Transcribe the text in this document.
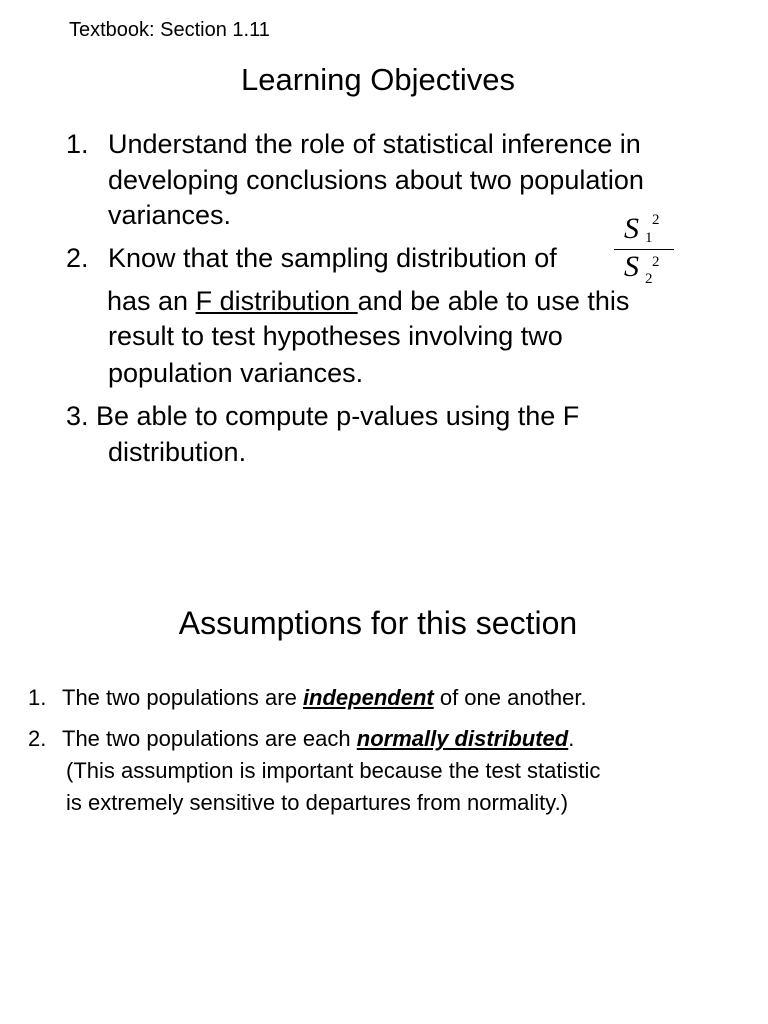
Textbook: Section 1.11
Learning Objectives
1. Understand the role of statistical inference in
developing conclusions about two population
variances.
2. Know that the sampling distribution of
S 2
1
S 2
2
has an F distribution and be able to use this
result to test hypotheses involving two
population variances.
3. Be able to compute p-values using the F
distribution.
Assumptions for this section
1. The two populations are independent of one another.
2. The two populations are each normally distributed.
(This assumption is important because the test statistic
is extremely sensitive to departures from normality.)
